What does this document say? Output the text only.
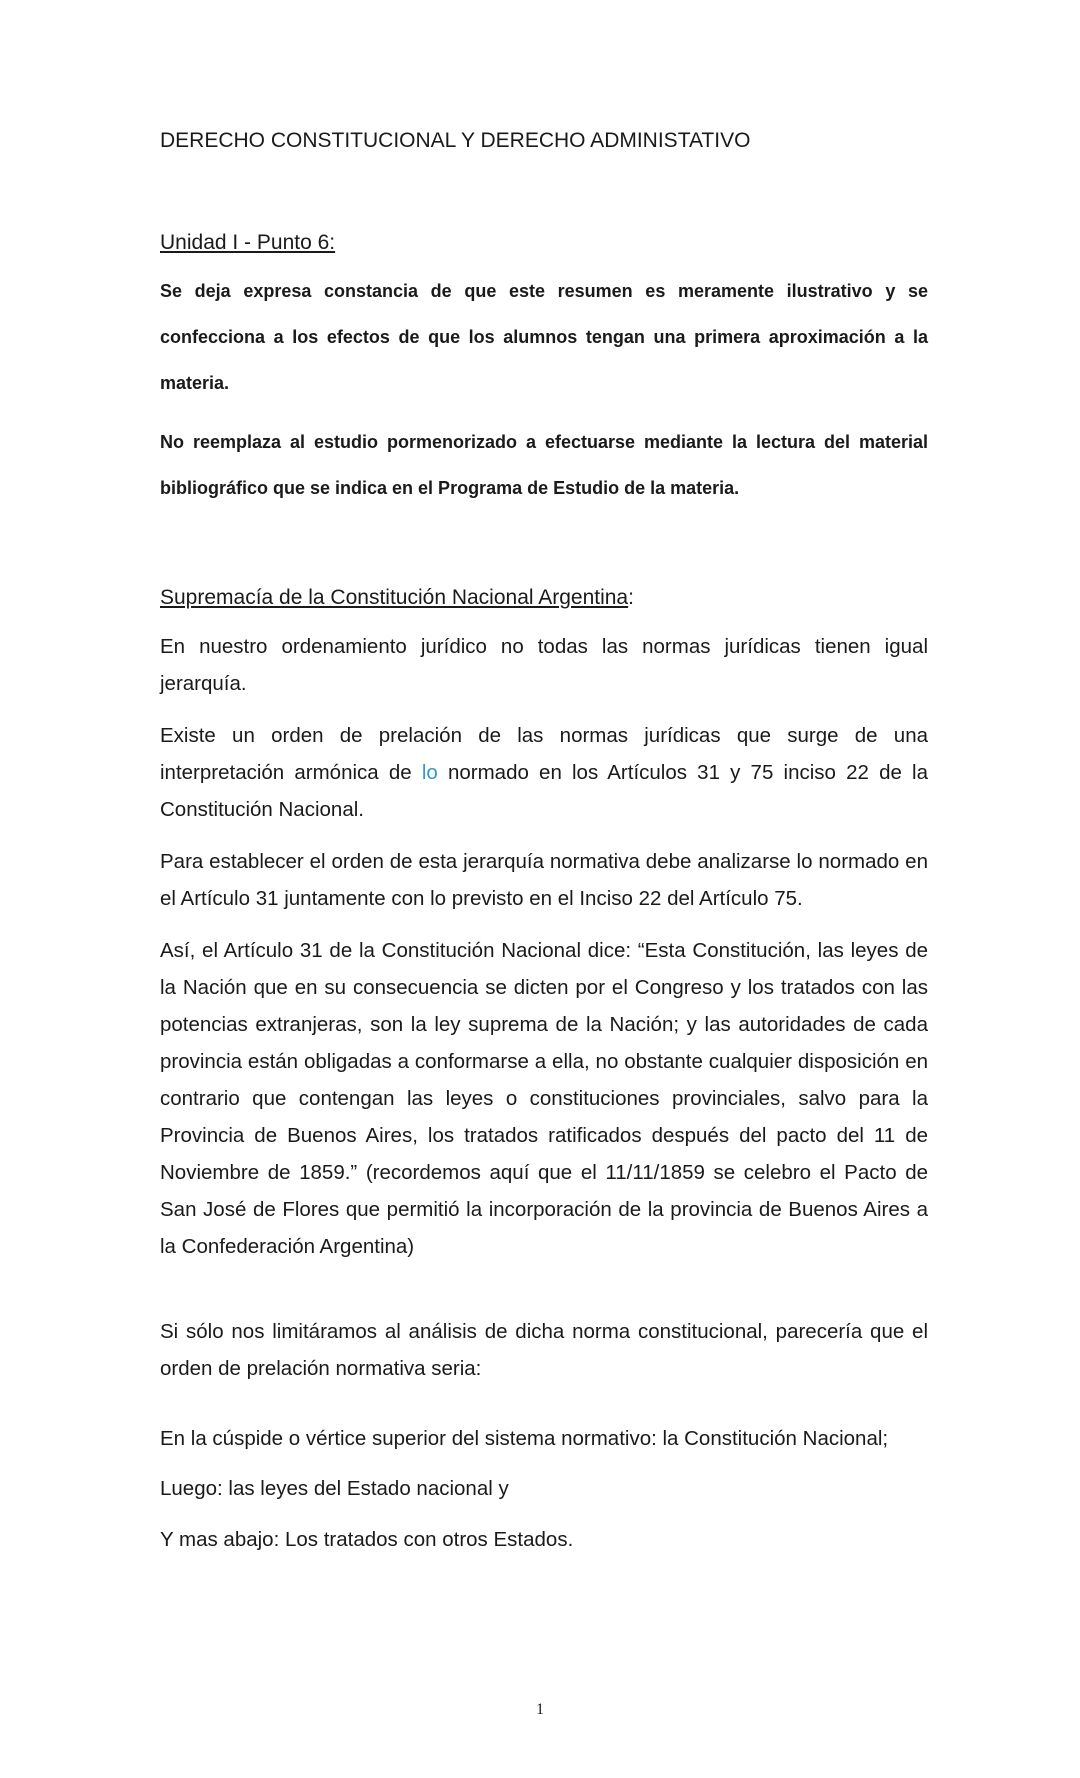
DERECHO CONSTITUCIONAL Y DERECHO ADMINISTATIVO

Unidad I - Punto 6:

Se deja expresa constancia de que este resumen es meramente ilustrativo y se confecciona a los efectos de que los alumnos tengan una primera aproximación a la materia.

No reemplaza al estudio pormenorizado a efectuarse mediante la lectura del material bibliográfico que se indica en el Programa de Estudio de la materia.

Supremacía de la Constitución Nacional Argentina:

En nuestro ordenamiento jurídico no todas las normas jurídicas tienen igual jerarquía.

Existe un orden de prelación de las normas jurídicas que surge de una interpretación armónica de lo normado en los Artículos 31 y 75 inciso 22 de la Constitución Nacional.

Para establecer el orden de esta jerarquía normativa debe analizarse lo normado en el Artículo 31 juntamente con lo previsto en el Inciso 22 del Artículo 75.

Así, el Artículo 31 de la Constitución Nacional dice: “Esta Constitución, las leyes de la Nación que en su consecuencia se dicten por el Congreso y los tratados con las potencias extranjeras, son la ley suprema de la Nación; y las autoridades de cada provincia están obligadas a conformarse a ella, no obstante cualquier disposición en contrario que contengan las leyes o constituciones provinciales, salvo para la Provincia de Buenos Aires, los tratados ratificados después del pacto del 11 de Noviembre de 1859.” (recordemos aquí que el 11/11/1859 se celebro el Pacto de San José de Flores que permitió la incorporación de la provincia de Buenos Aires a la Confederación Argentina)

Si sólo nos limitáramos al análisis de dicha norma constitucional, parecería que el orden de prelación normativa seria:

En la cúspide o vértice superior del sistema normativo: la Constitución Nacional;

Luego: las leyes del Estado nacional y

Y mas abajo: Los tratados con otros Estados.

1
